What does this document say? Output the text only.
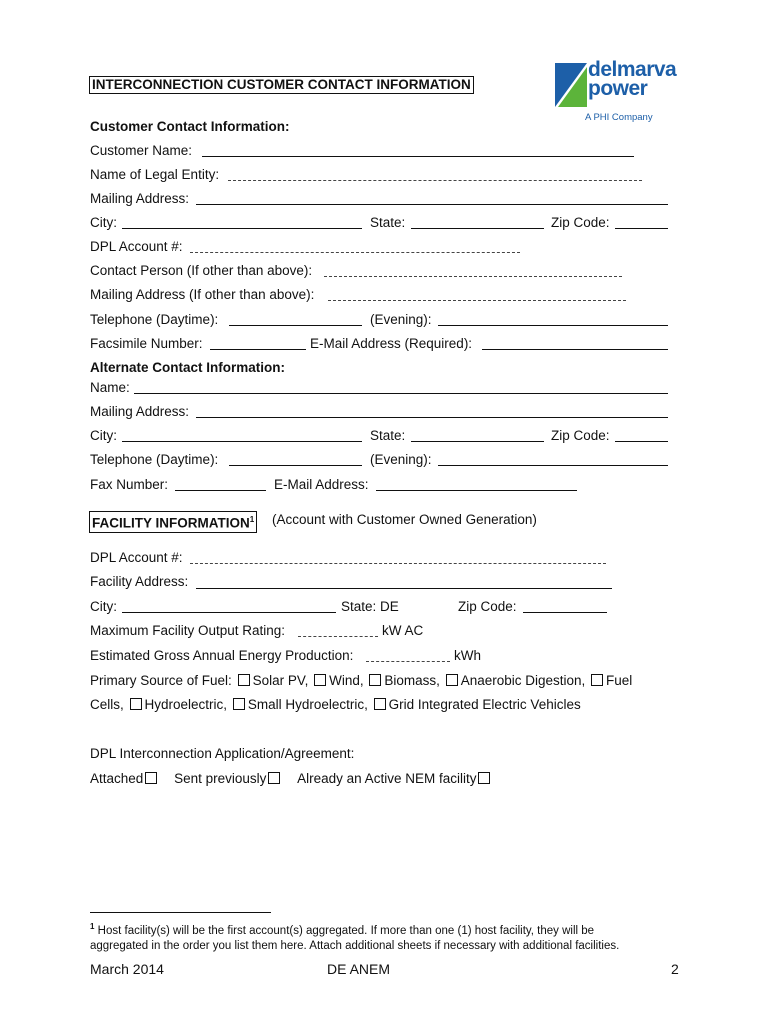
INTERCONNECTION CUSTOMER CONTACT INFORMATION
delmarva
power
A PHI Company
Customer Contact Information:
Customer Name:
Name of Legal Entity:
Mailing Address:
City:	State:	Zip Code:
DPL Account #:
Contact Person (If other than above):
Mailing Address (If other than above):
Telephone (Daytime):	(Evening):
Facsimile Number:	E-Mail Address (Required):
Alternate Contact Information:
Name:
Mailing Address:
City:	State:	Zip Code:
Telephone (Daytime):	(Evening):
Fax Number:	E-Mail Address:
FACILITY INFORMATION$^1$ (Account with Customer Owned Generation)
DPL Account #:
Facility Address:
City:	State: DE	Zip Code:
Maximum Facility Output Rating:	kW AC
Estimated Gross Annual Energy Production:	kWh
Primary Source of Fuel: Solar PV, Wind, Biomass, Anaerobic Digestion, Fuel
Cells, Hydroelectric, Small Hydroelectric, Grid Integrated Electric Vehicles
DPL Interconnection Application/Agreement:
Attached Sent previously Already an Active NEM facility
$^1$ Host facility(s) will be the first account(s) aggregated. If more than one (1) host facility, they will be
aggregated in the order you list them here. Attach additional sheets if necessary with additional facilities.
March 2014	DE ANEM	2
